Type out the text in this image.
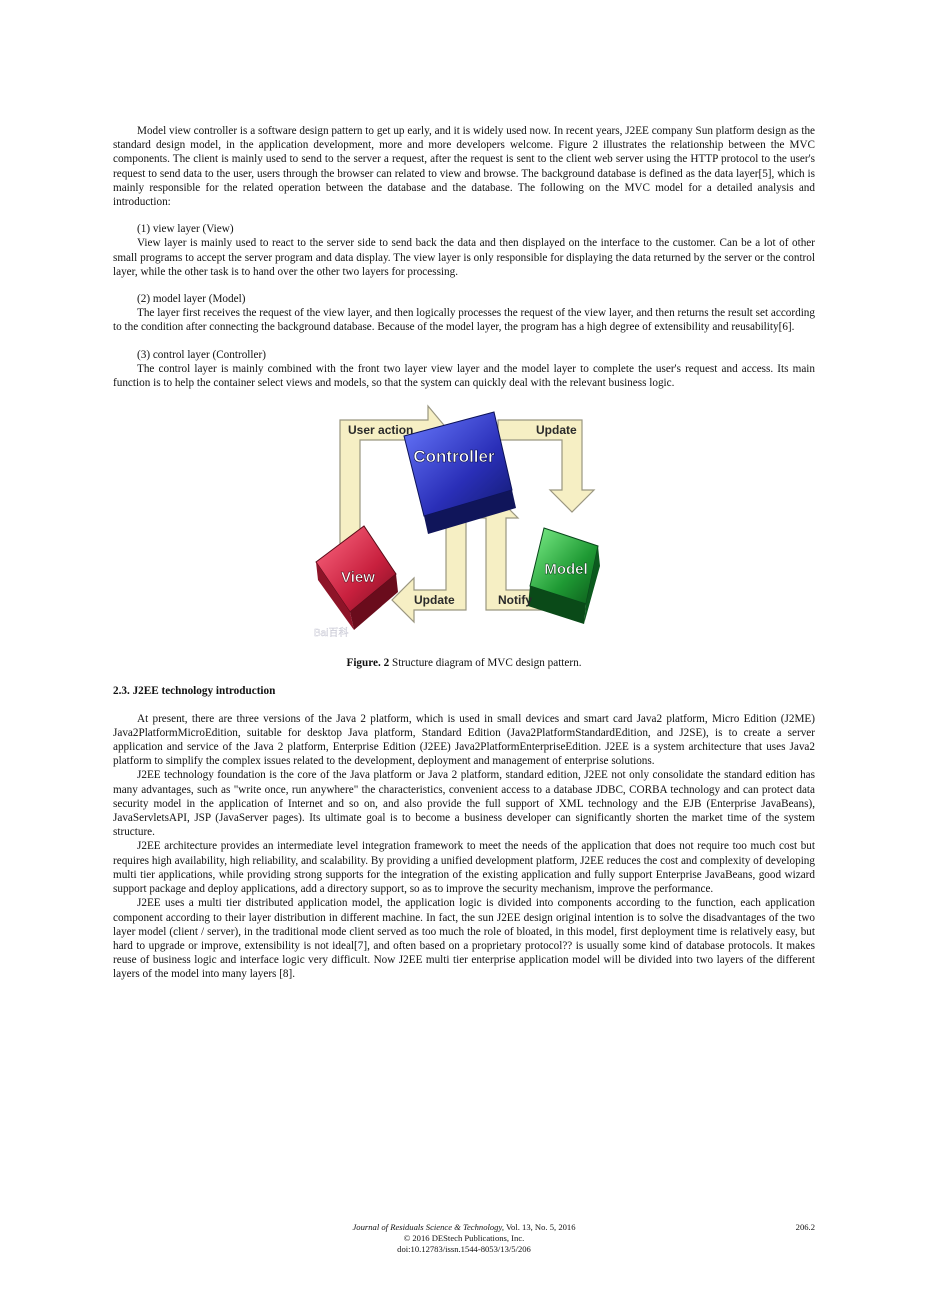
Model view controller is a software design pattern to get up early, and it is widely used now. In recent years, J2EE company Sun platform design as the standard design model, in the application development, more and more developers welcome. Figure 2 illustrates the relationship between the MVC components. The client is mainly used to send to the server a request, after the request is sent to the client web server using the HTTP protocol to the user's request to send data to the user, users through the browser can related to view and browse. The background database is defined as the data layer[5], which is mainly responsible for the related operation between the database and the database. The following on the MVC model for a detailed analysis and introduction:

(1) view layer (View)

View layer is mainly used to react to the server side to send back the data and then displayed on the interface to the customer. Can be a lot of other small programs to accept the server program and data display. The view layer is only responsible for displaying the data returned by the server or the control layer, while the other task is to hand over the other two layers for processing.

(2) model layer (Model)

The layer first receives the request of the view layer, and then logically processes the request of the view layer, and then returns the result set according to the condition after connecting the background database. Because of the model layer, the program has a high degree of extensibility and reusability[6].

(3) control layer (Controller)

The control layer is mainly combined with the front two layer view layer and the model layer to complete the user's request and access. Its main function is to help the container select views and models, so that the system can quickly deal with the relevant business logic.

Controller
View	Model
User action	Update
Update	Notify
Bai百科

Figure. 2 Structure diagram of MVC design pattern.

2.3. J2EE technology introduction

At present, there are three versions of the Java 2 platform, which is used in small devices and smart card Java2 platform, Micro Edition (J2ME) Java2PlatformMicroEdition, suitable for desktop Java platform, Standard Edition (Java2PlatformStandardEdition, and J2SE), is to create a server application and service of the Java 2 platform, Enterprise Edition (J2EE) Java2PlatformEnterpriseEdition. J2EE is a system architecture that uses Java2 platform to simplify the complex issues related to the development, deployment and management of enterprise solutions.

J2EE technology foundation is the core of the Java platform or Java 2 platform, standard edition, J2EE not only consolidate the standard edition has many advantages, such as "write once, run anywhere" the characteristics, convenient access to a database JDBC, CORBA technology and can protect data security model in the application of Internet and so on, and also provide the full support of XML technology and the EJB (Enterprise JavaBeans), JavaServletsAPI, JSP (JavaServer pages). Its ultimate goal is to become a business developer can significantly shorten the market time of the system structure.

J2EE architecture provides an intermediate level integration framework to meet the needs of the application that does not require too much cost but requires high availability, high reliability, and scalability. By providing a unified development platform, J2EE reduces the cost and complexity of developing multi tier applications, while providing strong supports for the integration of the existing application and fully support Enterprise JavaBeans, good wizard support package and deploy applications, add a directory support, so as to improve the security mechanism, improve the performance.

J2EE uses a multi tier distributed application model, the application logic is divided into components according to the function, each application component according to their layer distribution in different machine. In fact, the sun J2EE design original intention is to solve the disadvantages of the two layer model (client / server), in the traditional mode client served as too much the role of bloated, in this model, first deployment time is relatively easy, but hard to upgrade or improve, extensibility is not ideal[7], and often based on a proprietary protocol?? is usually some kind of database protocols. It makes reuse of business logic and interface logic very difficult. Now J2EE multi tier enterprise application model will be divided into two layers of the different layers of the model into many layers [8].

Journal of Residuals Science & Technology, Vol. 13, No. 5, 2016	206.2
© 2016 DEStech Publications, Inc.
doi:10.12783/issn.1544-8053/13/5/206
